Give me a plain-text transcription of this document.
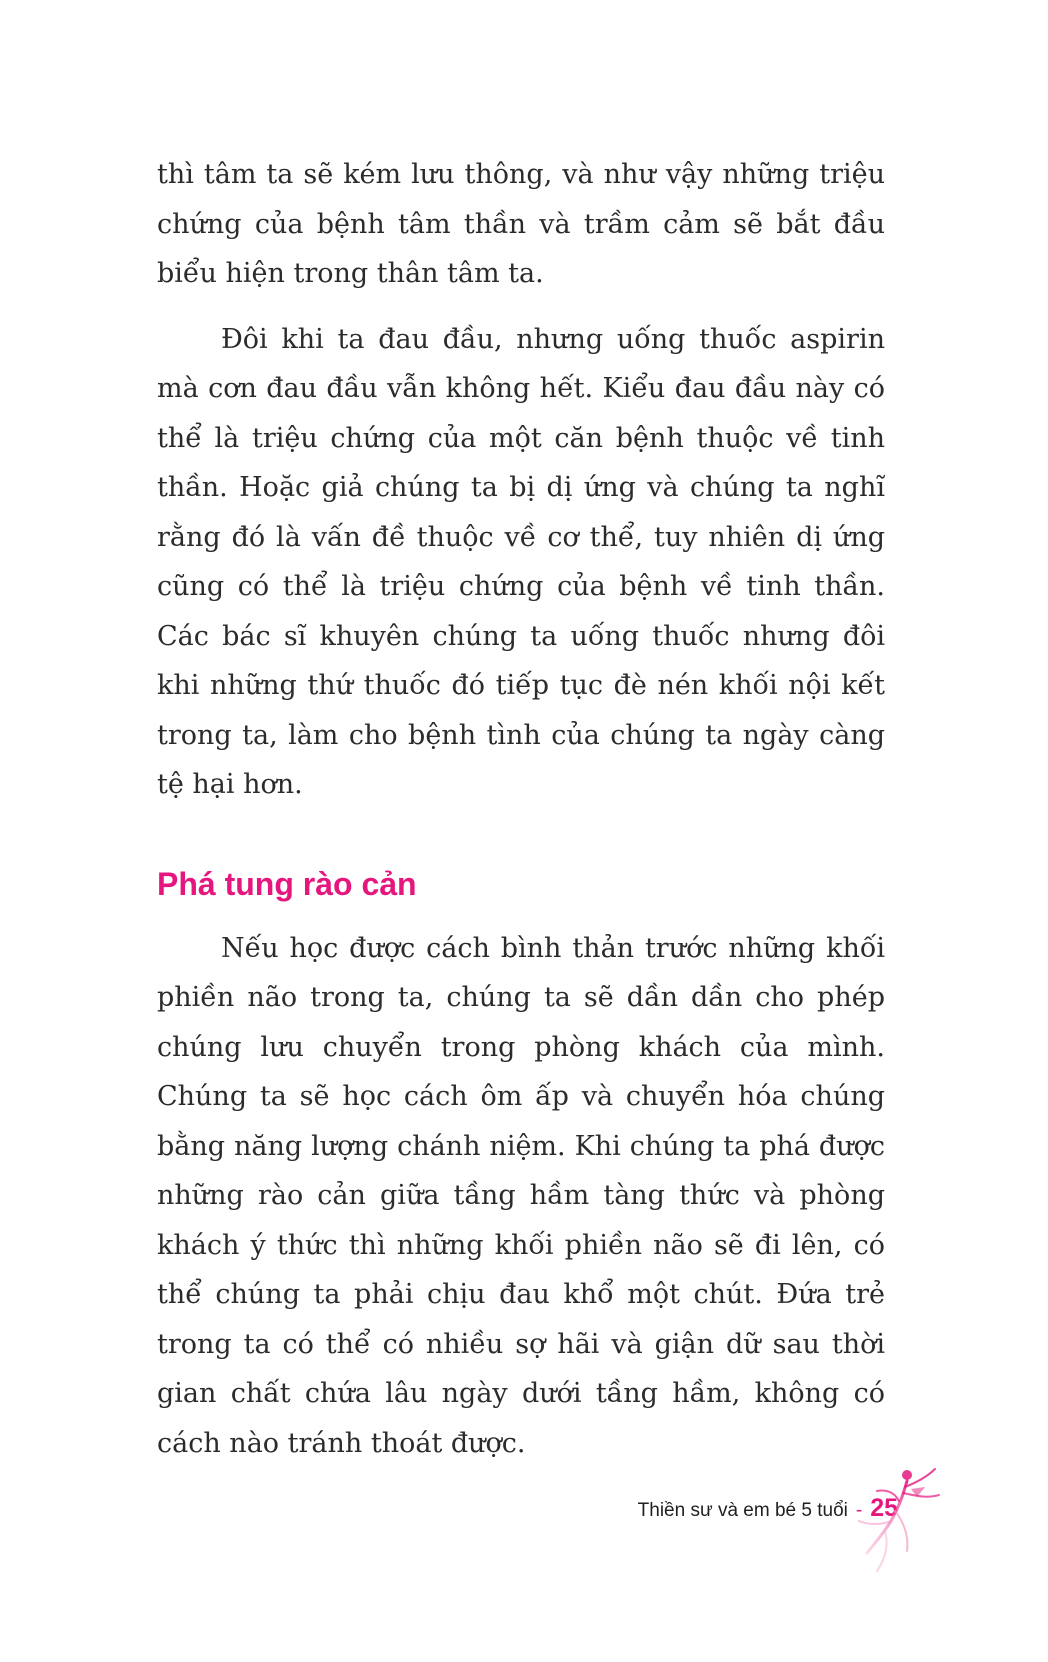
thì tâm ta sẽ kém lưu thông, và như vậy những triệu chứng của bệnh tâm thần và trầm cảm sẽ bắt đầu biểu hiện trong thân tâm ta.

Đôi khi ta đau đầu, nhưng uống thuốc aspirin mà cơn đau đầu vẫn không hết. Kiểu đau đầu này có thể là triệu chứng của một căn bệnh thuộc về tinh thần. Hoặc giả chúng ta bị dị ứng và chúng ta nghĩ rằng đó là vấn đề thuộc về cơ thể, tuy nhiên dị ứng cũng có thể là triệu chứng của bệnh về tinh thần. Các bác sĩ khuyên chúng ta uống thuốc nhưng đôi khi những thứ thuốc đó tiếp tục đè nén khối nội kết trong ta, làm cho bệnh tình của chúng ta ngày càng tệ hại hơn.

Phá tung rào cản

Nếu học được cách bình thản trước những khối phiền não trong ta, chúng ta sẽ dần dần cho phép chúng lưu chuyển trong phòng khách của mình. Chúng ta sẽ học cách ôm ấp và chuyển hóa chúng bằng năng lượng chánh niệm. Khi chúng ta phá được những rào cản giữa tầng hầm tàng thức và phòng khách ý thức thì những khối phiền não sẽ đi lên, có thể chúng ta phải chịu đau khổ một chút. Đứa trẻ trong ta có thể có nhiều sợ hãi và giận dữ sau thời gian chất chứa lâu ngày dưới tầng hầm, không có cách nào tránh thoát được.

Thiền sư và em bé 5 tuổi - 25
